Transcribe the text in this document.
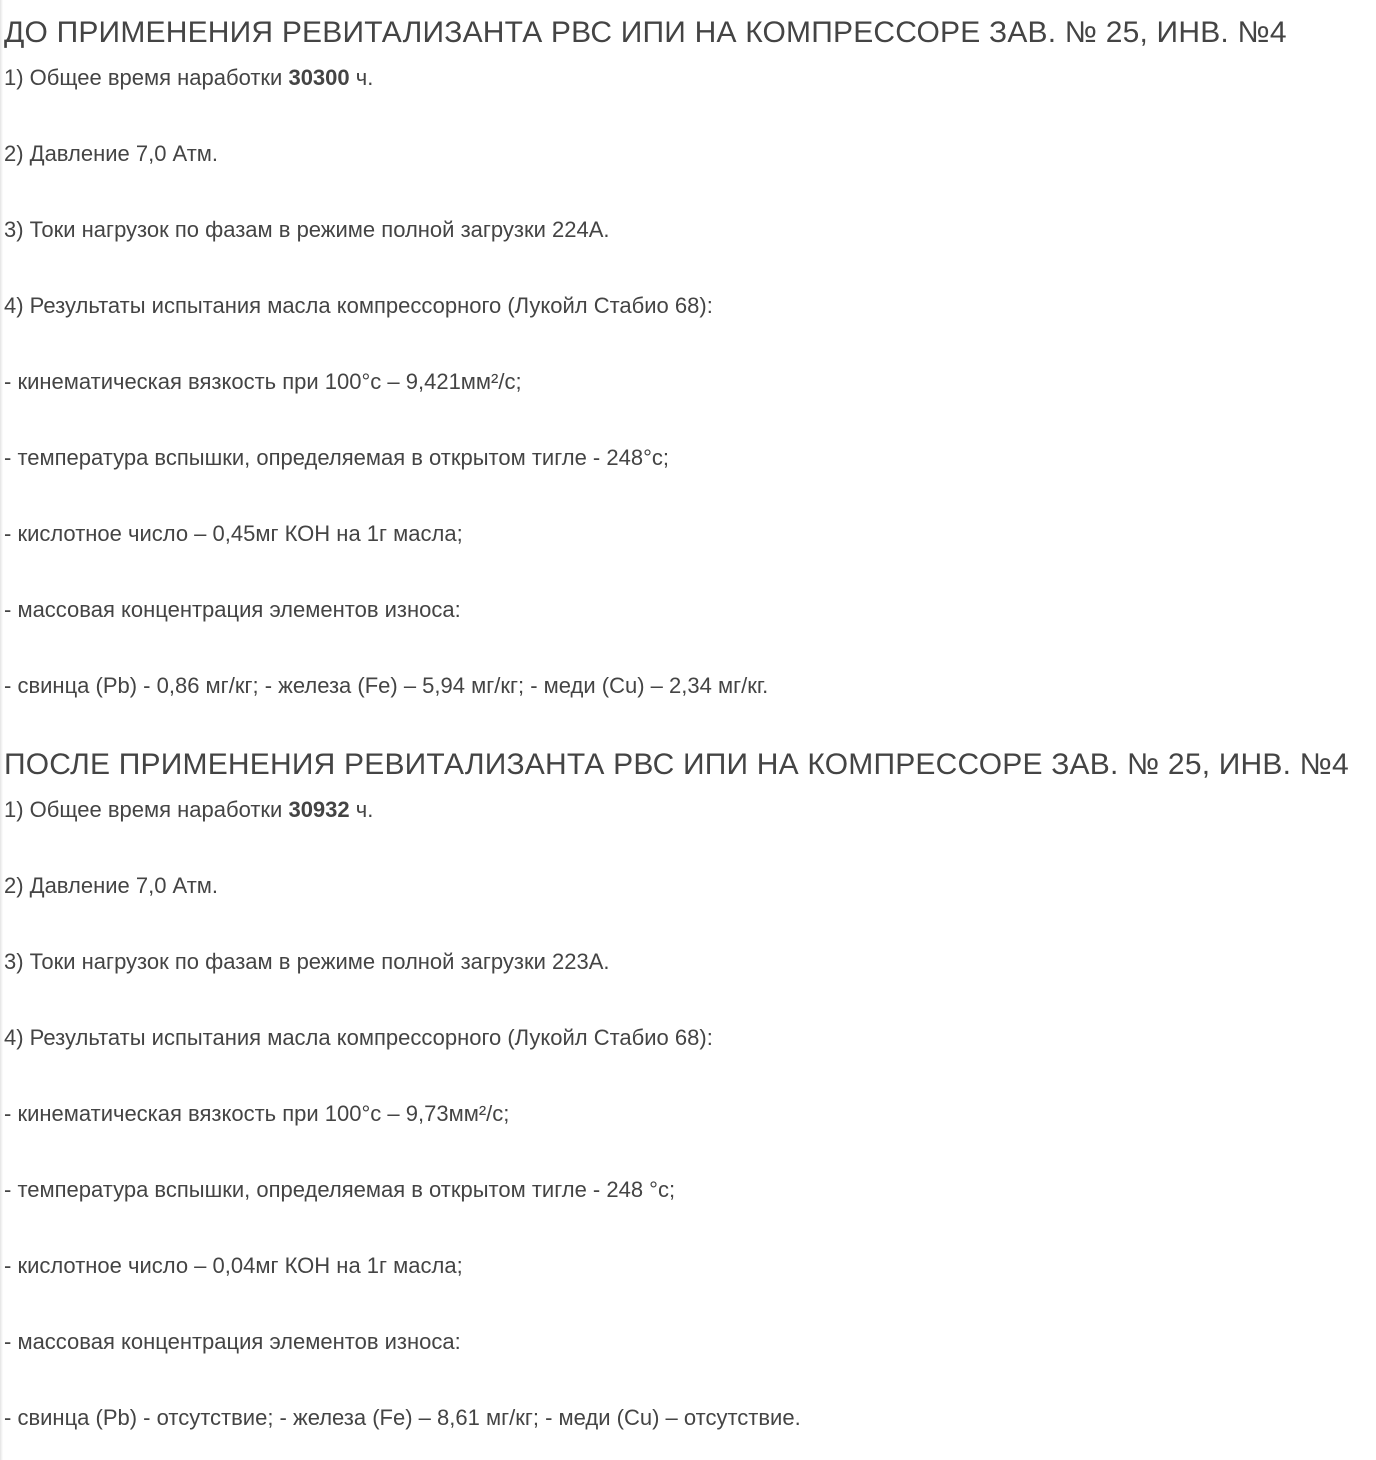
ДО ПРИМЕНЕНИЯ РЕВИТАЛИЗАНТА РВС ИПИ НА КОМПРЕССОРЕ ЗАВ. № 25, ИНВ. №4
1) Общее время наработки 30300 ч.
2) Давление 7,0 Атм.
3) Токи нагрузок по фазам в режиме полной загрузки 224А.
4) Результаты испытания масла компрессорного (Лукойл Стабио 68):
- кинематическая вязкость при 100°с – 9,421мм²/с;
- температура вспышки, определяемая в открытом тигле - 248°с;
- кислотное число – 0,45мг КОН на 1г масла;
- массовая концентрация элементов износа:
- свинца (Pb) - 0,86 мг/кг; - железа (Fe) – 5,94 мг/кг; - меди (Cu) – 2,34 мг/кг.
ПОСЛЕ ПРИМЕНЕНИЯ РЕВИТАЛИЗАНТА РВС ИПИ НА КОМПРЕССОРЕ ЗАВ. № 25, ИНВ. №4
1) Общее время наработки 30932 ч.
2) Давление 7,0 Атм.
3) Токи нагрузок по фазам в режиме полной загрузки 223А.
4) Результаты испытания масла компрессорного (Лукойл Стабио 68):
- кинематическая вязкость при 100°с – 9,73мм²/с;
- температура вспышки, определяемая в открытом тигле - 248 °с;
- кислотное число – 0,04мг КОН на 1г масла;
- массовая концентрация элементов износа:
- свинца (Pb) - отсутствие; - железа (Fe) – 8,61 мг/кг; - меди (Cu) – отсутствие.
